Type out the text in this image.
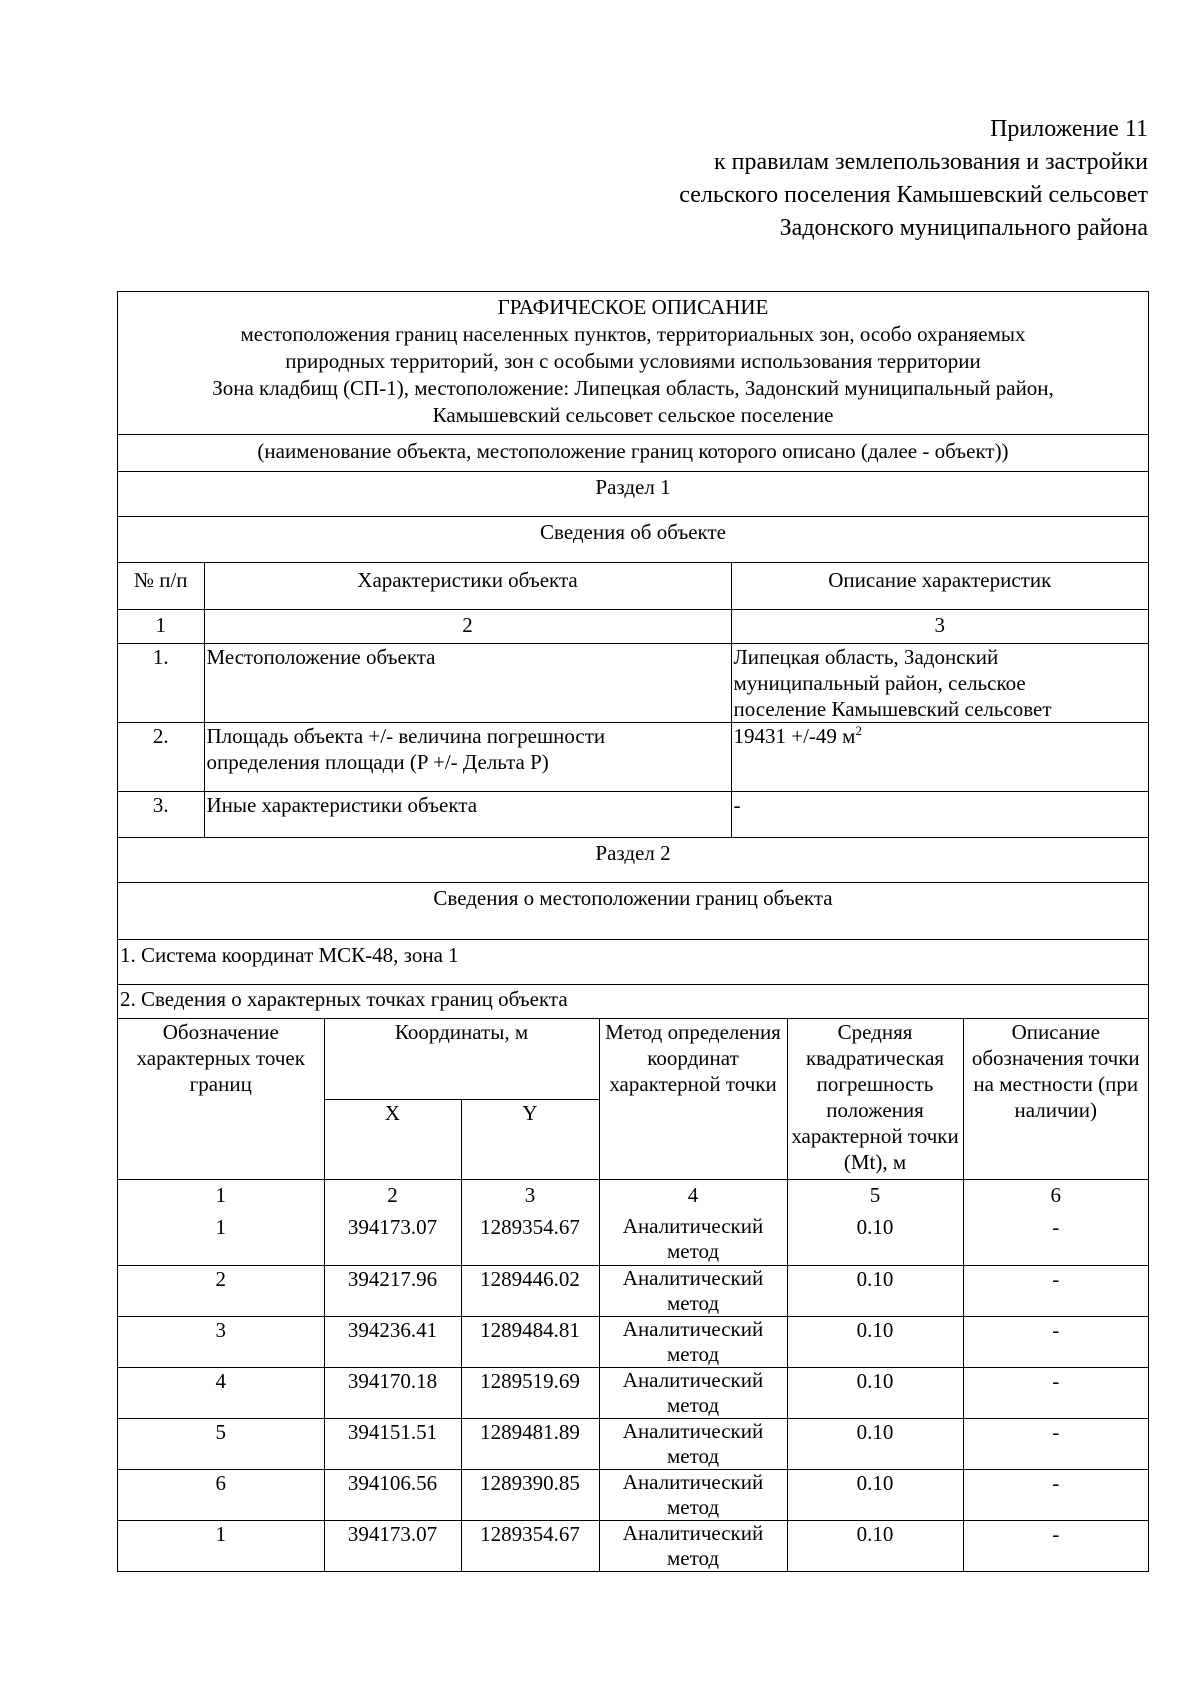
Приложение 11
к правилам землепользования и застройки
сельского поселения Камышевский сельсовет
Задонского муниципального района
ГРАФИЧЕСКОЕ ОПИСАНИЕ
местоположения границ населенных пунктов, территориальных зон, особо охраняемых
природных территорий, зон с особыми условиями использования территории
Зона кладбищ (СП-1), местоположение: Липецкая область, Задонский муниципальный район,
Камышевский сельсовет сельское поселение
(наименование объекта, местоположение границ которого описано (далее - объект))
Раздел 1
Сведения об объекте
№ п/п	Характеристики объекта	Описание характеристик
1	2	3
1.	Местоположение объекта	Липецкая область, Задонский
муниципальный район, сельское
поселение Камышевский сельсовет

2.	Площадь объекта +/- величина погрешности
определения площади (P +/- Дельта P)	19431 +/-49 $м^2$
3.	Иные характеристики объекта	-
Раздел 2
Сведения о местоположении границ объекта
1. Система координат МСК-48, зона 1
2. Сведения о характерных точках границ объекта
Обозначение характерных точек границ	Координаты, м		Метод определения координат характерной точки	Средняя квадратическая погрешность положения характерной точки (Mt), м	Описание обозначения точки на местности (при наличии)
	X	Y			
1	2	3	4	5	6
1	394173.07	1289354.67	Аналитический метод	0.10	-
2	394217.96	1289446.02	Аналитический метод	0.10	-
3	394236.41	1289484.81	Аналитический метод	0.10	-
4	394170.18	1289519.69	Аналитический метод	0.10	-
5	394151.51	1289481.89	Аналитический метод	0.10	-
6	394106.56	1289390.85	Аналитический метод	0.10	-
1	394173.07	1289354.67	Аналитический метод	0.10	-
